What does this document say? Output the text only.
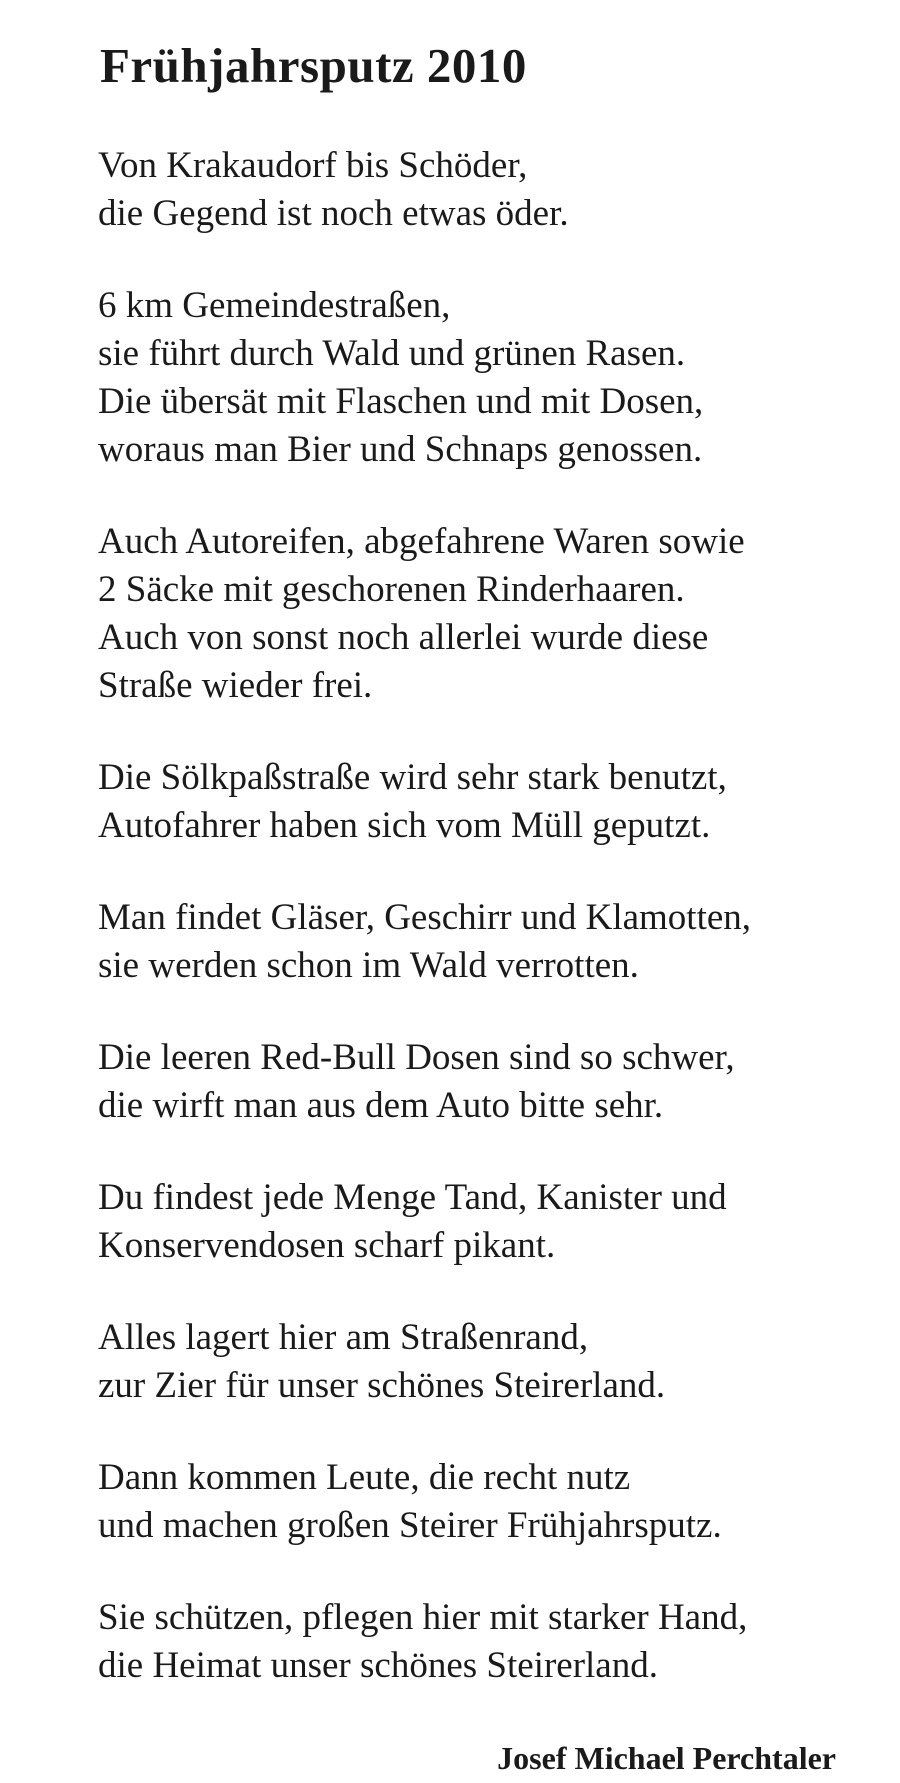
Frühjahrsputz 2010
Von Krakaudorf bis Schöder,
die Gegend ist noch etwas öder.
6 km Gemeindestraßen,
sie führt durch Wald und grünen Rasen.
Die übersät mit Flaschen und mit Dosen,
woraus man Bier und Schnaps genossen.
Auch Autoreifen, abgefahrene Waren sowie
2 Säcke mit geschorenen Rinderhaaren.
Auch von sonst noch allerlei wurde diese
Straße wieder frei.
Die Sölkpaßstraße wird sehr stark benutzt,
Autofahrer haben sich vom Müll geputzt.
Man findet Gläser, Geschirr und Klamotten,
sie werden schon im Wald verrotten.
Die leeren Red-Bull Dosen sind so schwer,
die wirft man aus dem Auto bitte sehr.
Du findest jede Menge Tand, Kanister und
Konservendosen scharf pikant.
Alles lagert hier am Straßenrand,
zur Zier für unser schönes Steirerland.
Dann kommen Leute, die recht nutz
und machen großen Steirer Frühjahrsputz.
Sie schützen, pflegen hier mit starker Hand,
die Heimat unser schönes Steirerland.

Josef Michael Perchtaler
